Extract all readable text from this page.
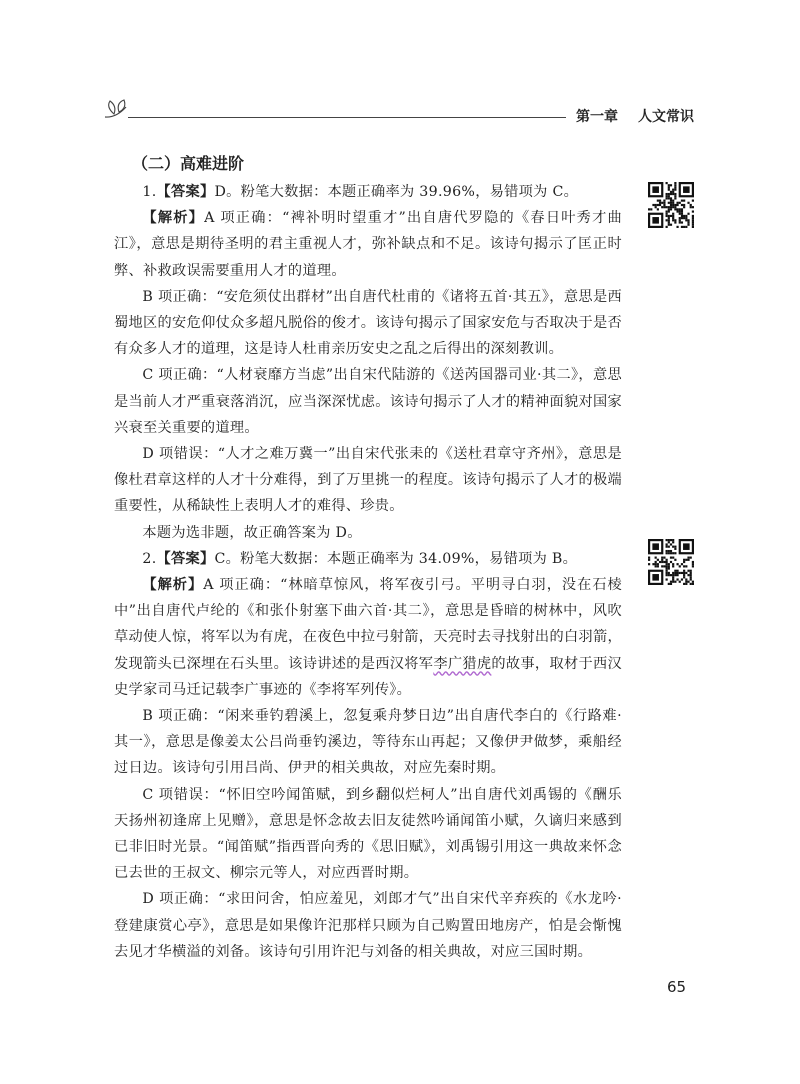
第一章 人文常识
（二）高难进阶

1.【答案】D。粉笔大数据：本题正确率为 39.96%，易错项为 C。

【解析】A 项正确：“裨补明时望重才”出自唐代罗隐的《春日叶秀才曲江》，意思是期待圣明的君主重视人才，弥补缺点和不足。该诗句揭示了匡正时弊、补救政误需要重用人才的道理。

B 项正确：“安危须仗出群材”出自唐代杜甫的《诸将五首·其五》，意思是西蜀地区的安危仰仗众多超凡脱俗的俊才。该诗句揭示了国家安危与否取决于是否有众多人才的道理，这是诗人杜甫亲历安史之乱之后得出的深刻教训。

C 项正确：“人材衰靡方当虑”出自宋代陆游的《送芮国器司业·其二》，意思是当前人才严重衰落消沉，应当深深忧虑。该诗句揭示了人才的精神面貌对国家兴衰至关重要的道理。

D 项错误：“人才之难万冀一”出自宋代张耒的《送杜君章守齐州》，意思是像杜君章这样的人才十分难得，到了万里挑一的程度。该诗句揭示了人才的极端重要性，从稀缺性上表明人才的难得、珍贵。

本题为选非题，故正确答案为 D。

2.【答案】C。粉笔大数据：本题正确率为 34.09%，易错项为 B。

【解析】A 项正确：“林暗草惊风，将军夜引弓。平明寻白羽，没在石棱中”出自唐代卢纶的《和张仆射塞下曲六首·其二》，意思是昏暗的树林中，风吹草动使人惊，将军以为有虎，在夜色中拉弓射箭，天亮时去寻找射出的白羽箭，发现箭头已深埋在石头里。该诗讲述的是西汉将军李广猎虎的故事，取材于西汉史学家司马迁记载李广事迹的《李将军列传》。

B 项正确：“闲来垂钓碧溪上，忽复乘舟梦日边”出自唐代李白的《行路难·其一》，意思是像姜太公吕尚垂钓溪边，等待东山再起；又像伊尹做梦，乘船经过日边。该诗句引用吕尚、伊尹的相关典故，对应先秦时期。

C 项错误：“怀旧空吟闻笛赋，到乡翻似烂柯人”出自唐代刘禹锡的《酬乐天扬州初逢席上见赠》，意思是怀念故去旧友徒然吟诵闻笛小赋，久谪归来感到已非旧时光景。“闻笛赋”指西晋向秀的《思旧赋》，刘禹锡引用这一典故来怀念已去世的王叔文、柳宗元等人，对应西晋时期。

D 项正确：“求田问舍，怕应羞见，刘郎才气”出自宋代辛弃疾的《水龙吟·登建康赏心亭》，意思是如果像许汜那样只顾为自己购置田地房产，怕是会惭愧去见才华横溢的刘备。该诗句引用许汜与刘备的相关典故，对应三国时期。

65
